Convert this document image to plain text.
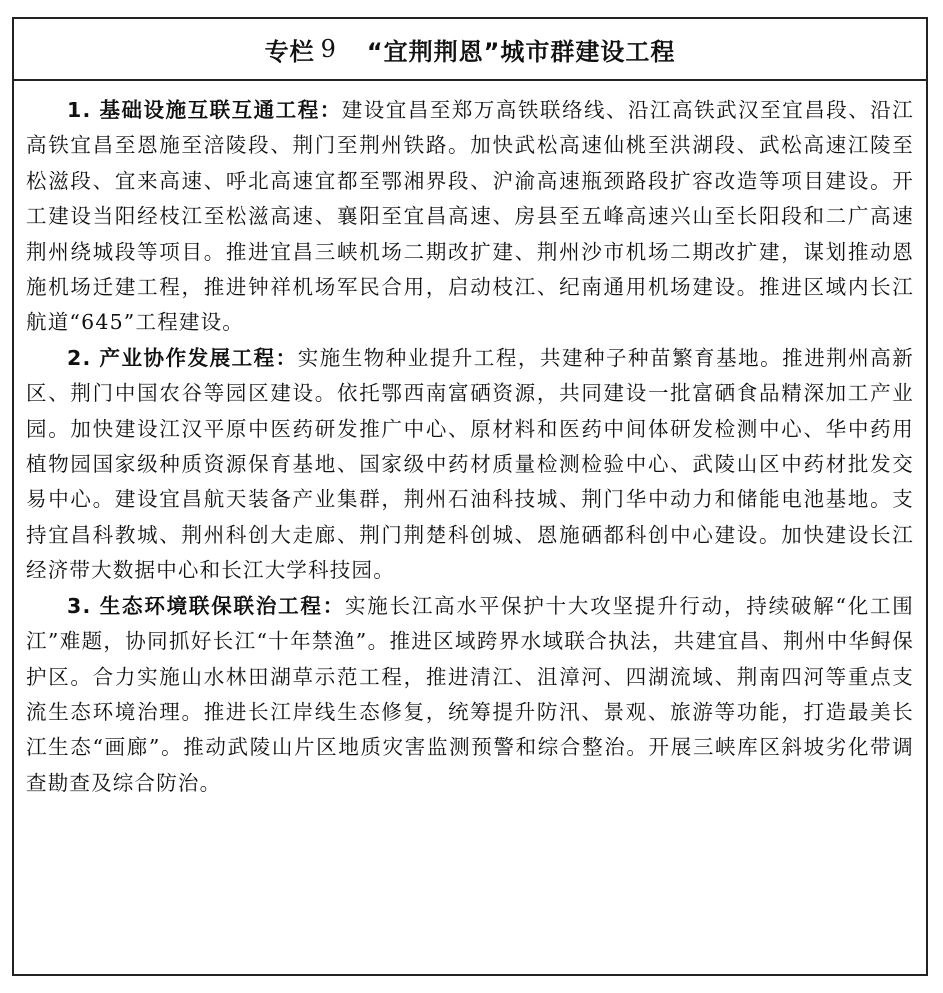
专栏 9 “宜荆荆恩”城市群建设工程

1. 基础设施互联互通工程：建设宜昌至郑万高铁联络线、沿江高铁武汉至宜昌段、沿江高铁宜昌至恩施至涪陵段、荆门至荆州铁路。加快武松高速仙桃至洪湖段、武松高速江陵至松滋段、宜来高速、呼北高速宜都至鄂湘界段、沪渝高速瓶颈路段扩容改造等项目建设。开工建设当阳经枝江至松滋高速、襄阳至宜昌高速、房县至五峰高速兴山至长阳段和二广高速荆州绕城段等项目。推进宜昌三峡机场二期改扩建、荆州沙市机场二期改扩建，谋划推动恩施机场迁建工程，推进钟祥机场军民合用，启动枝江、纪南通用机场建设。推进区域内长江航道“645”工程建设。

2. 产业协作发展工程：实施生物种业提升工程，共建种子种苗繁育基地。推进荆州高新区、荆门中国农谷等园区建设。依托鄂西南富硒资源，共同建设一批富硒食品精深加工产业园。加快建设江汉平原中医药研发推广中心、原材料和医药中间体研发检测中心、华中药用植物园国家级种质资源保育基地、国家级中药材质量检测检验中心、武陵山区中药材批发交易中心。建设宜昌航天装备产业集群，荆州石油科技城、荆门华中动力和储能电池基地。支持宜昌科教城、荆州科创大走廊、荆门荆楚科创城、恩施硒都科创中心建设。加快建设长江经济带大数据中心和长江大学科技园。

3. 生态环境联保联治工程：实施长江高水平保护十大攻坚提升行动，持续破解“化工围江”难题，协同抓好长江“十年禁渔”。推进区域跨界水域联合执法，共建宜昌、荆州中华鲟保护区。合力实施山水林田湖草示范工程，推进清江、沮漳河、四湖流域、荆南四河等重点支流生态环境治理。推进长江岸线生态修复，统筹提升防汛、景观、旅游等功能，打造最美长江生态“画廊”。推动武陵山片区地质灾害监测预警和综合整治。开展三峡库区斜坡劣化带调查勘查及综合防治。
